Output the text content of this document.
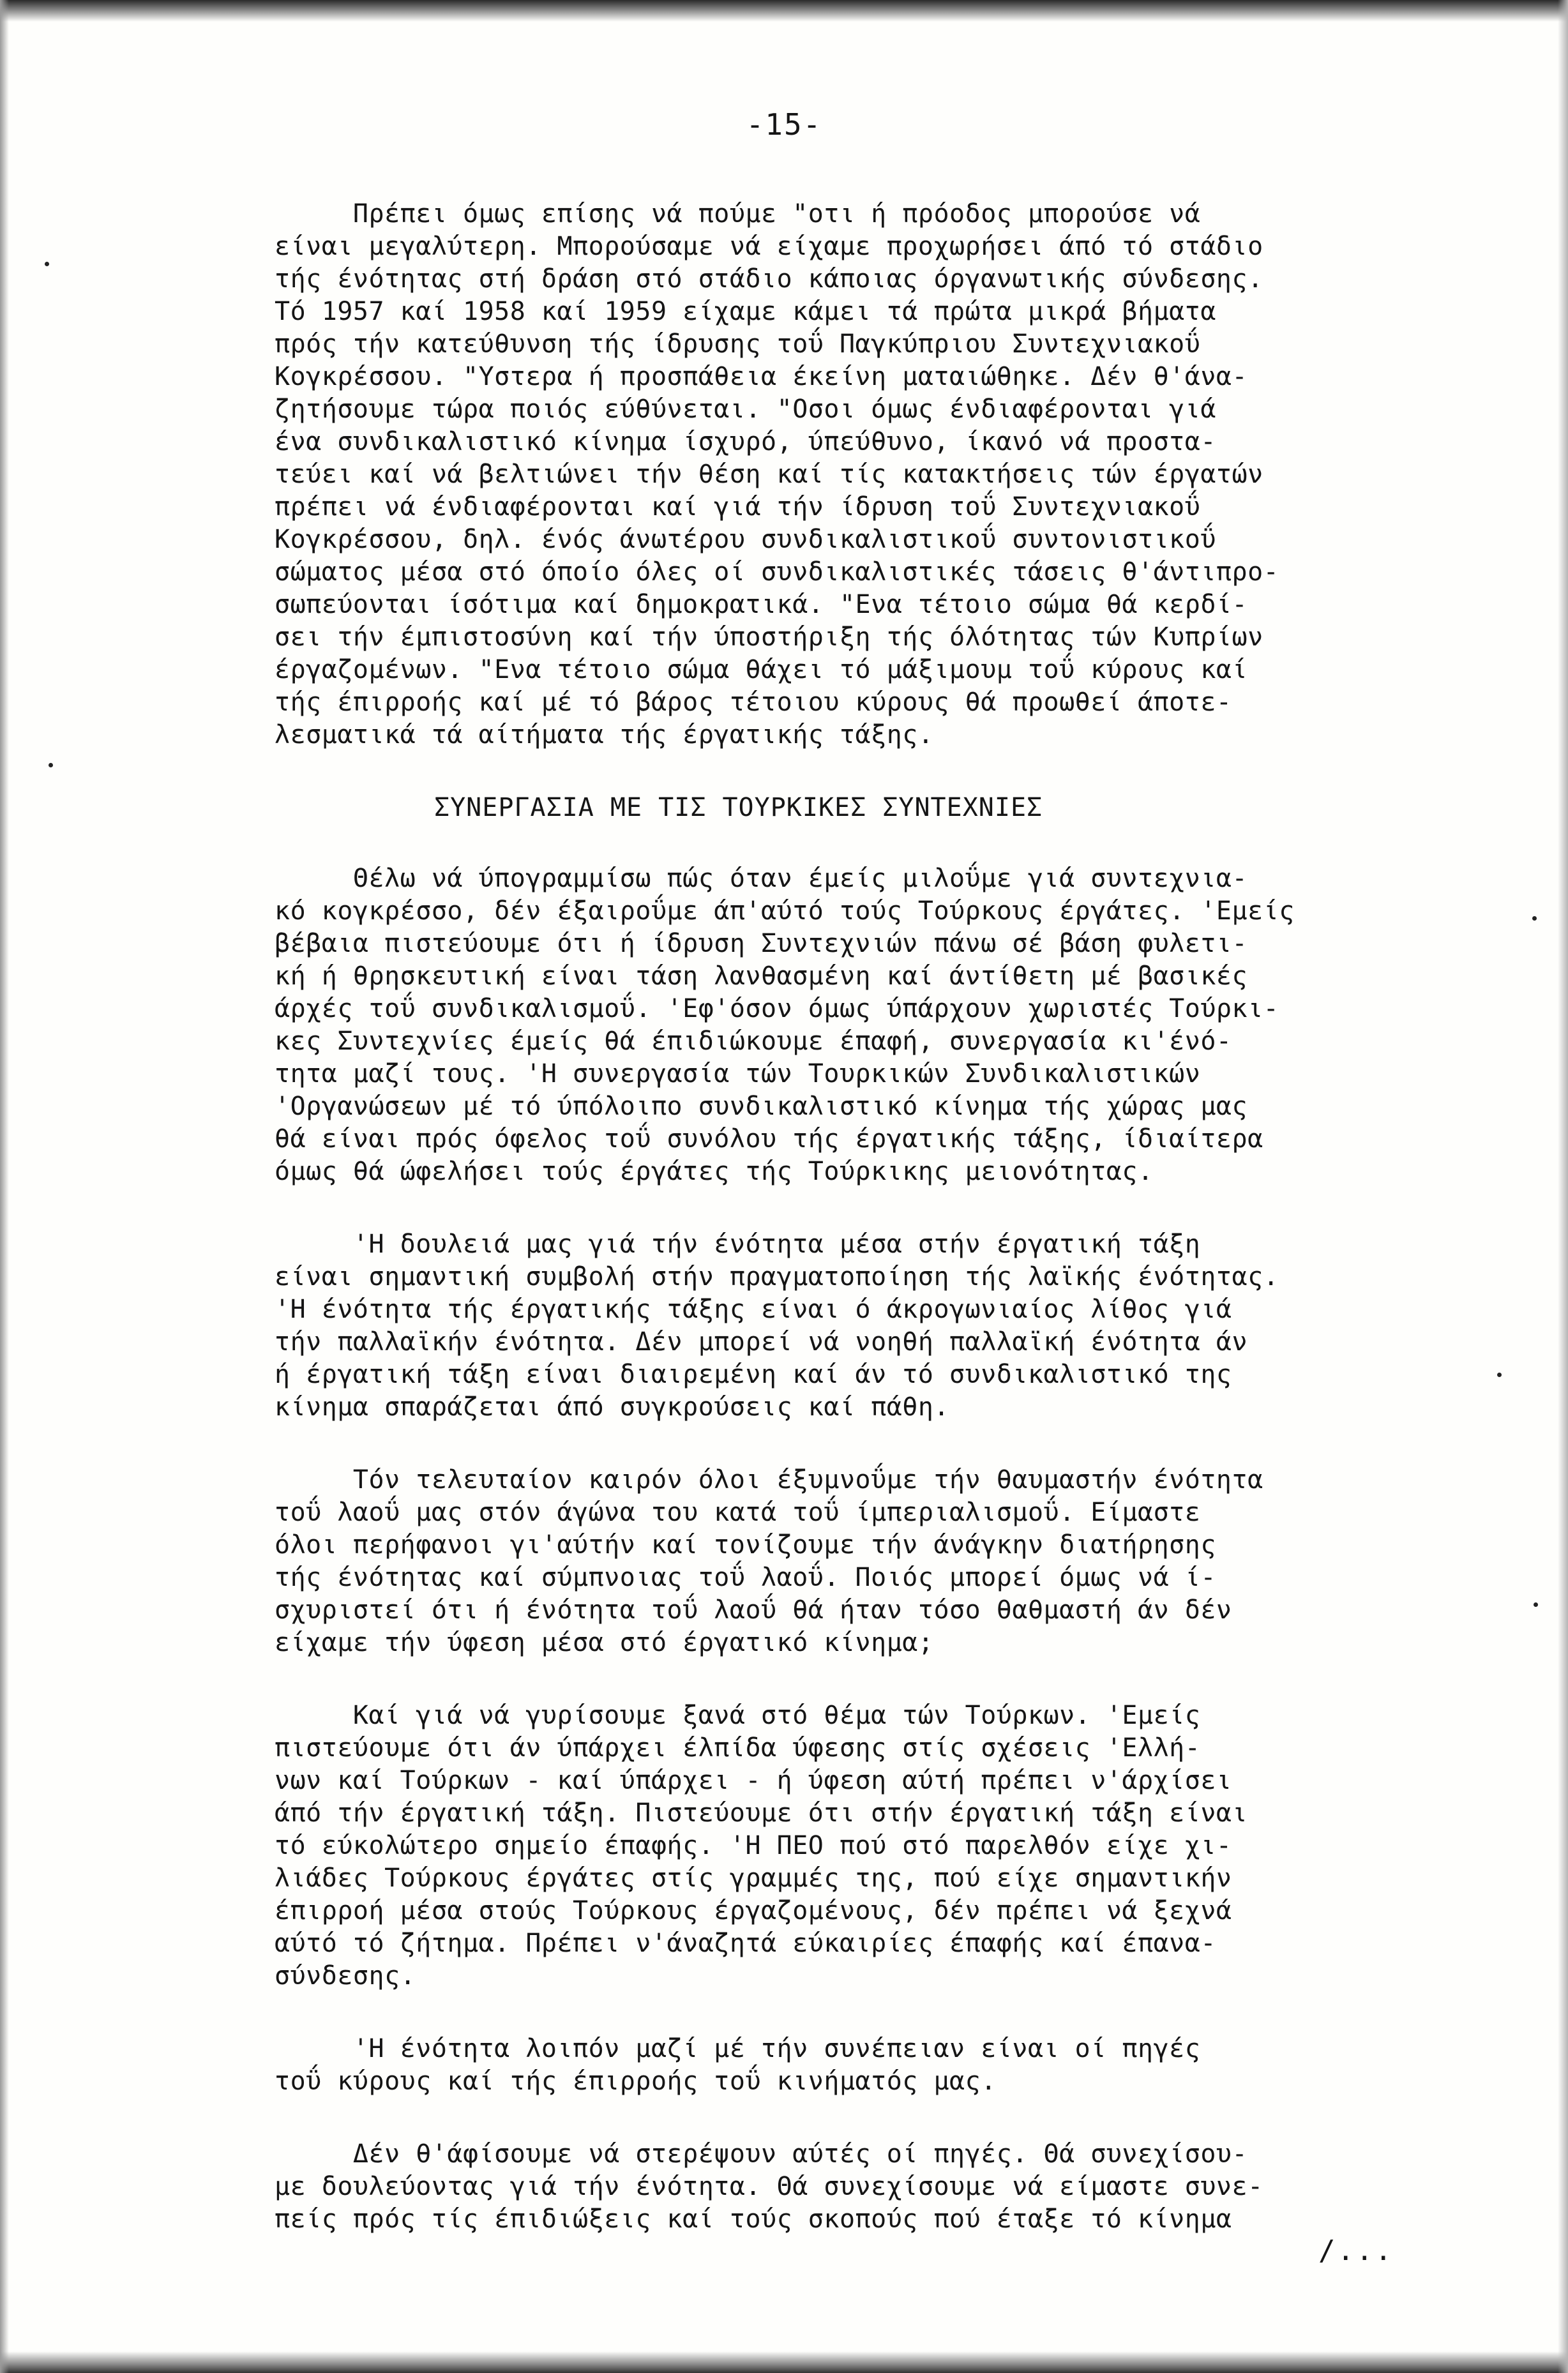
-15-
Πρέπει όμως επίσης νά πούμε "οτι ή πρόοδος μπορούσε νά
είναι μεγαλύτερη. Μπορούσαμε νά είχαμε προχωρήσει άπό τό στάδιο
τής ένότητας στή δράση στό στάδιο κάποιας όργανωτικής σύνδεσης.
Τό 1957 καί 1958 καί 1959 είχαμε κάμει τά πρώτα μικρά βήματα
πρός τήν κατεύθυνση τής ίδρυσης τοΰ Παγκύπριου Συντεχνιακοΰ
Κογκρέσσου. "Υστερα ή προσπάθεια έκείνη ματαιώθηκε. Δέν θ'άνα-
ζητήσουμε τώρα ποιός εύθύνεται. "Οσοι όμως ένδιαφέρονται γιά
ένα συνδικαλιστικό κίνημα ίσχυρό, ύπεύθυνο, ίκανό νά προστα-
τεύει καί νά βελτιώνει τήν θέση καί τίς κατακτήσεις τών έργατών
πρέπει νά ένδιαφέρονται καί γιά τήν ίδρυση τοΰ Συντεχνιακοΰ
Κογκρέσσου, δηλ. ένός άνωτέρου συνδικαλιστικοΰ συντονιστικοΰ
σώματος μέσα στό όποίο όλες οί συνδικαλιστικές τάσεις θ'άντιπρο-
σωπεύονται ίσότιμα καί δημοκρατικά. "Ενα τέτοιο σώμα θά κερδί-
σει τήν έμπιστοσύνη καί τήν ύποστήριξη τής όλότητας τών Κυπρίων
έργαζομένων. "Ενα τέτοιο σώμα θάχει τό μάξιμουμ τοΰ κύρους καί
τής έπιρροής καί μέ τό βάρος τέτοιου κύρους θά προωθεί άποτε-
λεσματικά τά αίτήματα τής έργατικής τάξης.
ΣΥΝΕΡΓΑΣΙΑ ΜΕ ΤΙΣ ΤΟΥΡΚΙΚΕΣ ΣΥΝΤΕΧΝΙΕΣ
Θέλω νά ύπογραμμίσω πώς όταν έμείς μιλοΰμε γιά συντεχνια-
κό κογκρέσσο, δέν έξαιροΰμε άπ'αύτό τούς Τούρκους έργάτες. 'Εμείς
βέβαια πιστεύουμε ότι ή ίδρυση Συντεχνιών πάνω σέ βάση φυλετι-
κή ή θρησκευτική είναι τάση λανθασμένη καί άντίθετη μέ βασικές
άρχές τοΰ συνδικαλισμοΰ. 'Εφ'όσον όμως ύπάρχουν χωριστές Τούρκι-
κες Συντεχνίες έμείς θά έπιδιώκουμε έπαφή, συνεργασία κι'ένό-
τητα μαζί τους. 'Η συνεργασία τών Τουρκικών Συνδικαλιστικών
'Οργανώσεων μέ τό ύπόλοιπο συνδικαλιστικό κίνημα τής χώρας μας
θά είναι πρός όφελος τοΰ συνόλου τής έργατικής τάξης, ίδιαίτερα
όμως θά ώφελήσει τούς έργάτες τής Τούρκικης μειονότητας.
'Η δουλειά μας γιά τήν ένότητα μέσα στήν έργατική τάξη
είναι σημαντική συμβολή στήν πραγματοποίηση τής λαϊκής ένότητας.
'Η ένότητα τής έργατικής τάξης είναι ό άκρογωνιαίος λίθος γιά
τήν παλλαϊκήν ένότητα. Δέν μπορεί νά νοηθή παλλαϊκή ένότητα άν
ή έργατική τάξη είναι διαιρεμένη καί άν τό συνδικαλιστικό της
κίνημα σπαράζεται άπό συγκρούσεις καί πάθη.
Τόν τελευταίον καιρόν όλοι έξυμνοΰμε τήν θαυμαστήν ένότητα
τοΰ λαοΰ μας στόν άγώνα του κατά τοΰ ίμπεριαλισμοΰ. Είμαστε
όλοι περήφανοι γι'αύτήν καί τονίζουμε τήν άνάγκην διατήρησης
τής ένότητας καί σύμπνοιας τοΰ λαοΰ. Ποιός μπορεί όμως νά ί-
σχυριστεί ότι ή ένότητα τοΰ λαοΰ θά ήταν τόσο θαθμαστή άν δέν
είχαμε τήν ύφεση μέσα στό έργατικό κίνημα;
Καί γιά νά γυρίσουμε ξανά στό θέμα τών Τούρκων. 'Εμείς
πιστεύουμε ότι άν ύπάρχει έλπίδα ύφεσης στίς σχέσεις 'Ελλή-
νων καί Τούρκων - καί ύπάρχει - ή ύφεση αύτή πρέπει ν'άρχίσει
άπό τήν έργατική τάξη. Πιστεύουμε ότι στήν έργατική τάξη είναι
τό εύκολώτερο σημείο έπαφής. 'Η ΠΕΟ πού στό παρελθόν είχε χι-
λιάδες Τούρκους έργάτες στίς γραμμές της, πού είχε σημαντικήν
έπιρροή μέσα στούς Τούρκους έργαζομένους, δέν πρέπει νά ξεχνά
αύτό τό ζήτημα. Πρέπει ν'άναζητά εύκαιρίες έπαφής καί έπανα-
σύνδεσης.
'Η ένότητα λοιπόν μαζί μέ τήν συνέπειαν είναι οί πηγές
τοΰ κύρους καί τής έπιρροής τοΰ κινήματός μας.
Δέν θ'άφίσουμε νά στερέψουν αύτές οί πηγές. Θά συνεχίσου-
με δουλεύοντας γιά τήν ένότητα. Θά συνεχίσουμε νά είμαστε συνε-
πείς πρός τίς έπιδιώξεις καί τούς σκοπούς πού έταξε τό κίνημα
/...
